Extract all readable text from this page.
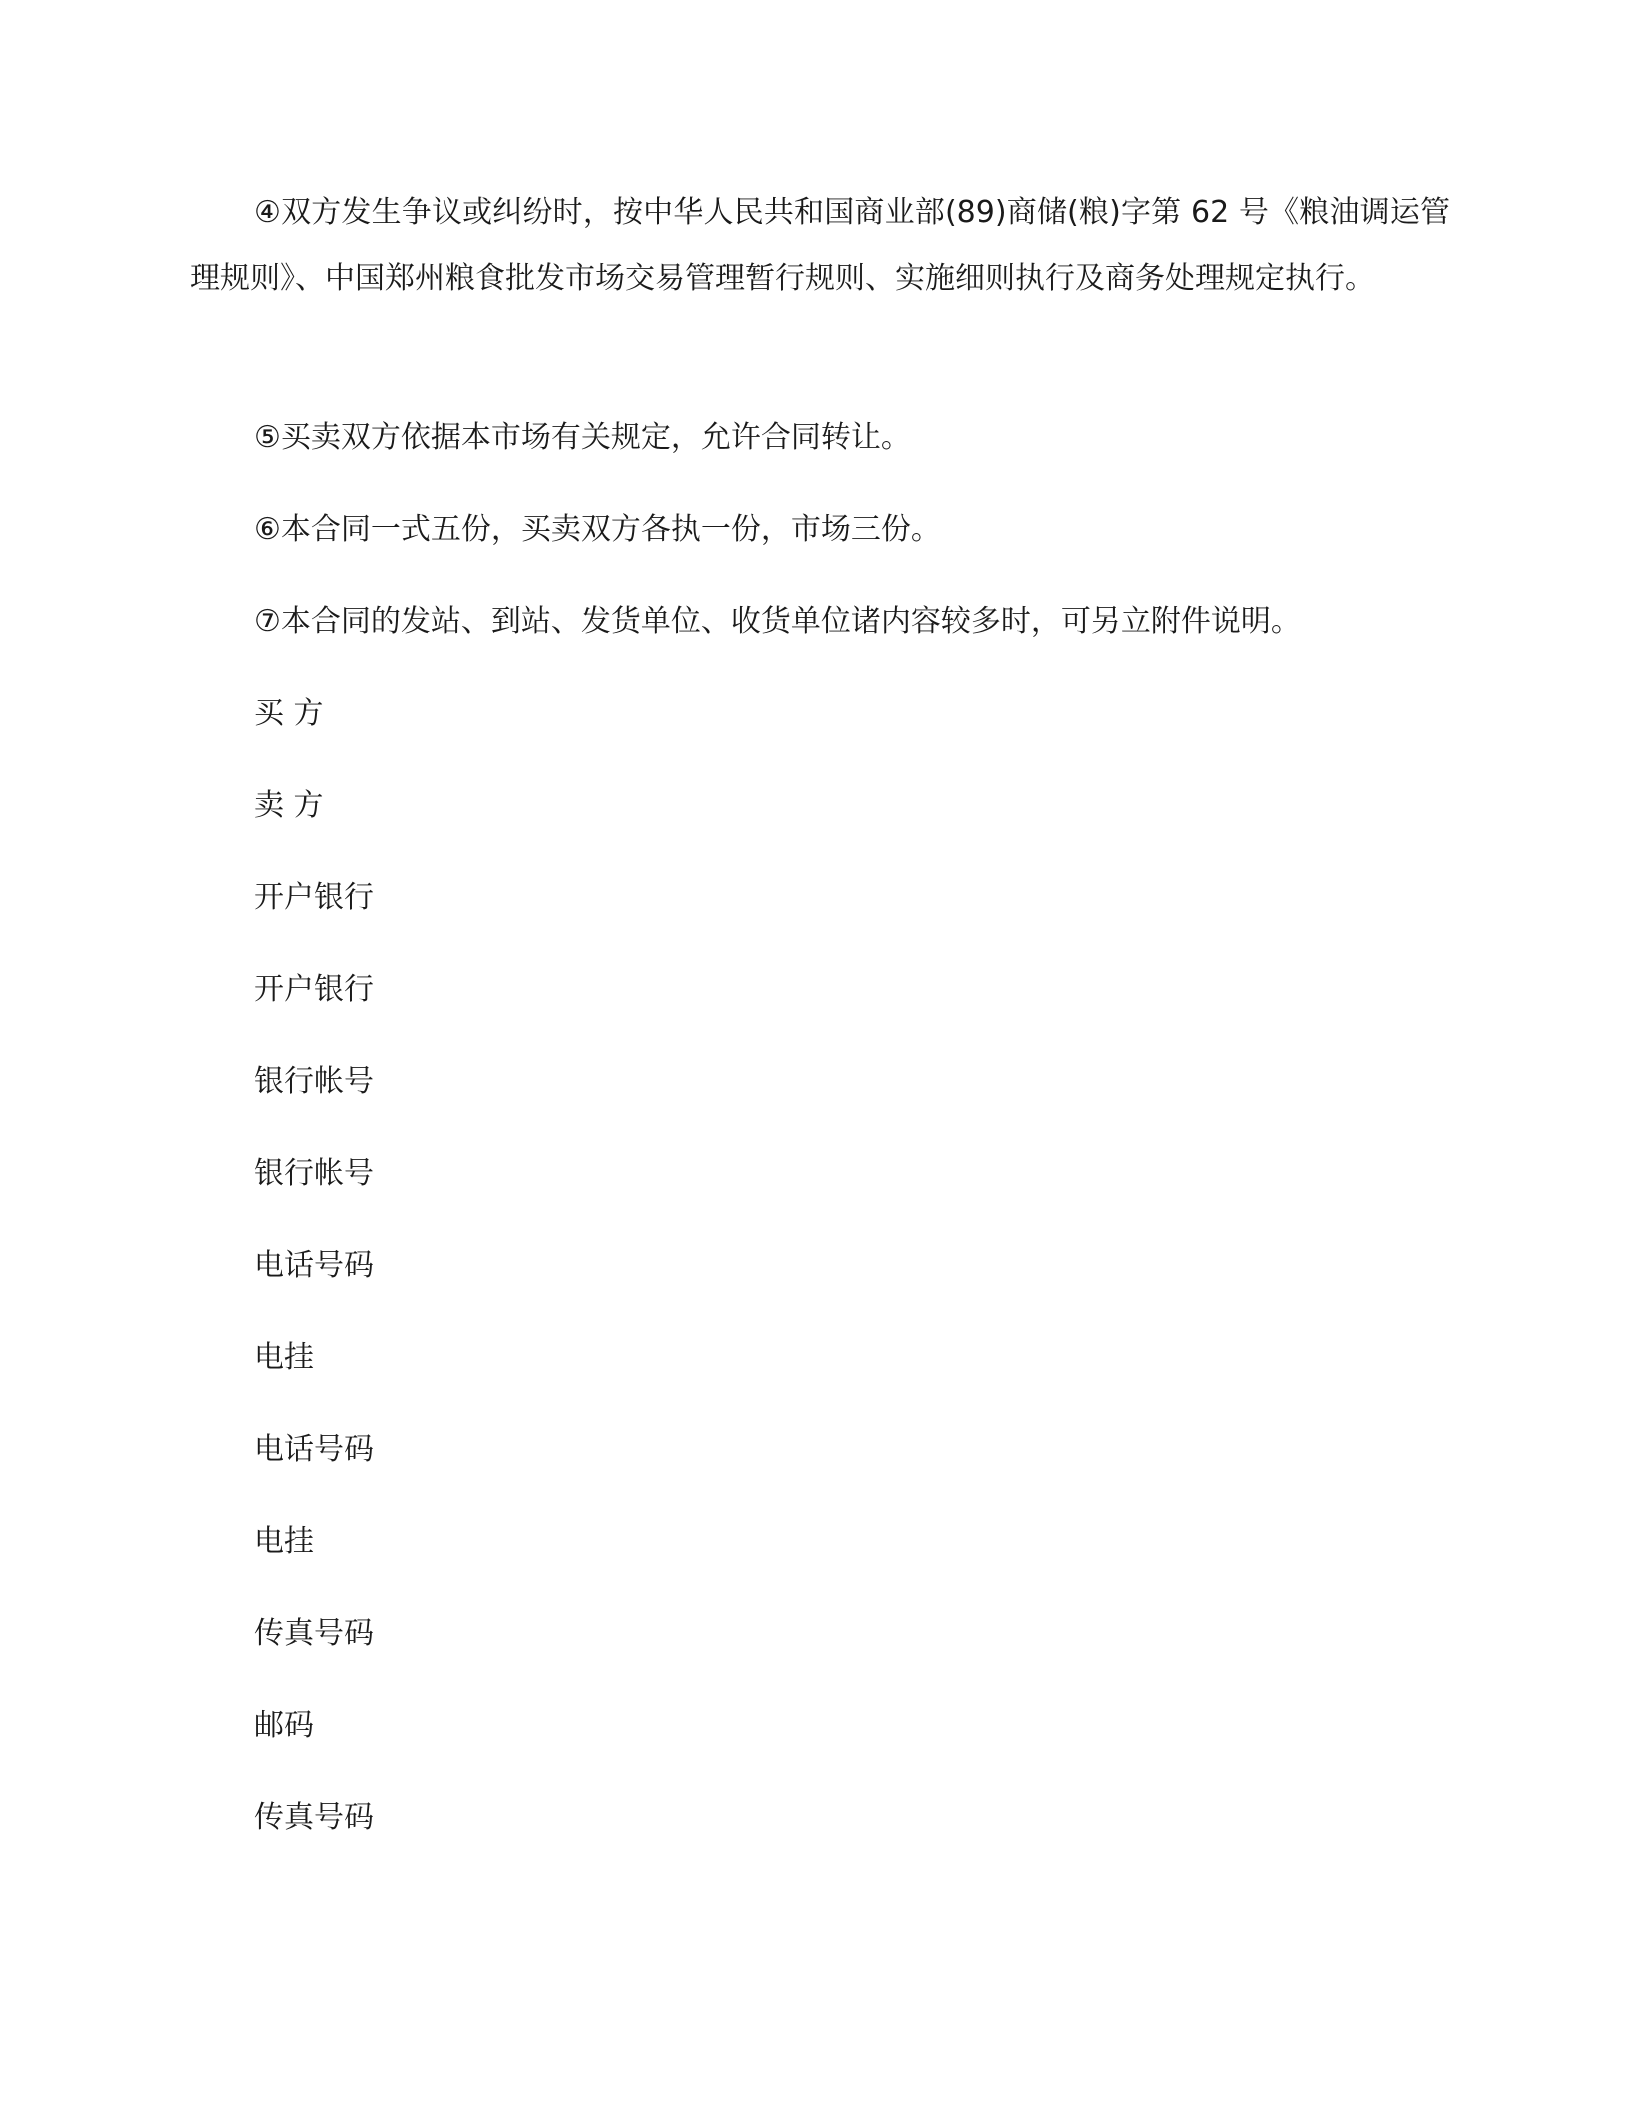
④双方发生争议或纠纷时，按中华人民共和国商业部(89)商储(粮)字第 62 号《粮油调运管理规则》、中国郑州粮食批发市场交易管理暂行规则、实施细则执行及商务处理规定执行。

⑤买卖双方依据本市场有关规定，允许合同转让。
⑥本合同一式五份，买卖双方各执一份，市场三份。
⑦本合同的发站、到站、发货单位、收货单位诸内容较多时，可另立附件说明。
买 方
卖 方
开户银行
开户银行
银行帐号
银行帐号
电话号码
电挂
电话号码
电挂
传真号码
邮码
传真号码
